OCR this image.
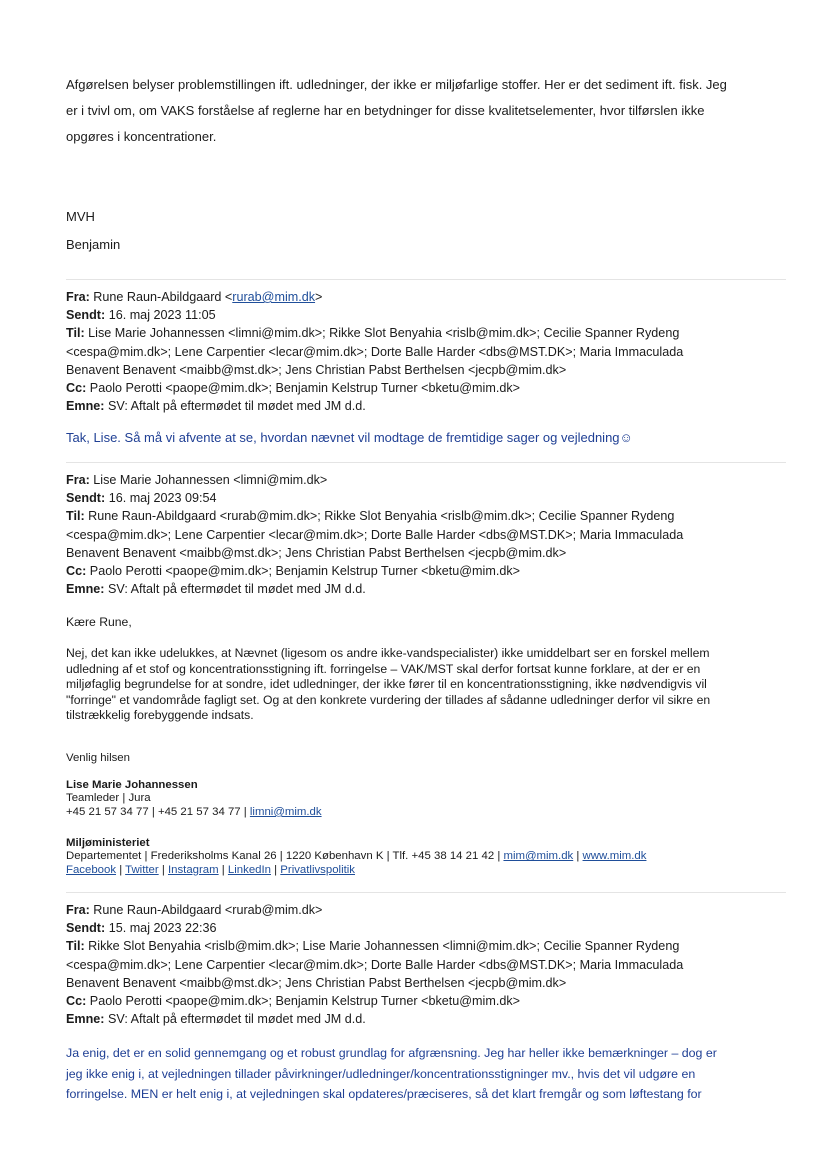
Afgørelsen belyser problemstillingen ift. udledninger, der ikke er miljøfarlige stoffer. Her er det sediment ift. fisk. Jeg

er i tvivl om, om VAKS forståelse af reglerne har en betydninger for disse kvalitetselementer, hvor tilførslen ikke

opgøres i koncentrationer.

MVH
Benjamin
Fra: Rune Raun-Abildgaard <rurab@mim.dk>
Sendt: 16. maj 2023 11:05
Til: Lise Marie Johannessen <limni@mim.dk>; Rikke Slot Benyahia <rislb@mim.dk>; Cecilie Spanner Rydeng
<cespa@mim.dk>; Lene Carpentier <lecar@mim.dk>; Dorte Balle Harder <dbs@MST.DK>; Maria Immaculada
Benavent Benavent <maibb@mst.dk>; Jens Christian Pabst Berthelsen <jecpb@mim.dk>
Cc: Paolo Perotti <paope@mim.dk>; Benjamin Kelstrup Turner <bketu@mim.dk>
Emne: SV: Aftalt på eftermødet til mødet med JM d.d.
Tak, Lise. Så må vi afvente at se, hvordan nævnet vil modtage de fremtidige sager og vejledning☺
Fra: Lise Marie Johannessen <limni@mim.dk>
Sendt: 16. maj 2023 09:54
Til: Rune Raun-Abildgaard <rurab@mim.dk>; Rikke Slot Benyahia <rislb@mim.dk>; Cecilie Spanner Rydeng
<cespa@mim.dk>; Lene Carpentier <lecar@mim.dk>; Dorte Balle Harder <dbs@MST.DK>; Maria Immaculada
Benavent Benavent <maibb@mst.dk>; Jens Christian Pabst Berthelsen <jecpb@mim.dk>
Cc: Paolo Perotti <paope@mim.dk>; Benjamin Kelstrup Turner <bketu@mim.dk>
Emne: SV: Aftalt på eftermødet til mødet med JM d.d.
Kære Rune,
Nej, det kan ikke udelukkes, at Nævnet (ligesom os andre ikke-vandspecialister) ikke umiddelbart ser en forskel mellem
udledning af et stof og koncentrationsstigning ift. forringelse – VAK/MST skal derfor fortsat kunne forklare, at der er en
miljøfaglig begrundelse for at sondre, idet udledninger, der ikke fører til en koncentrationsstigning, ikke nødvendigvis vil
"forringe" et vandområde fagligt set. Og at den konkrete vurdering der tillades af sådanne udledninger derfor vil sikre en
tilstrækkelig forebyggende indsats.
Venlig hilsen
Lise Marie Johannessen
Teamleder | Jura
+45 21 57 34 77 | +45 21 57 34 77 | limni@mim.dk
Miljøministeriet
Departementet | Frederiksholms Kanal 26 | 1220 København K | Tlf. +45 38 14 21 42 | mim@mim.dk | www.mim.dk
Facebook | Twitter | Instagram | LinkedIn | Privatlivspolitik
Fra: Rune Raun-Abildgaard <rurab@mim.dk>
Sendt: 15. maj 2023 22:36
Til: Rikke Slot Benyahia <rislb@mim.dk>; Lise Marie Johannessen <limni@mim.dk>; Cecilie Spanner Rydeng
<cespa@mim.dk>; Lene Carpentier <lecar@mim.dk>; Dorte Balle Harder <dbs@MST.DK>; Maria Immaculada
Benavent Benavent <maibb@mst.dk>; Jens Christian Pabst Berthelsen <jecpb@mim.dk>
Cc: Paolo Perotti <paope@mim.dk>; Benjamin Kelstrup Turner <bketu@mim.dk>
Emne: SV: Aftalt på eftermødet til mødet med JM d.d.
Ja enig, det er en solid gennemgang og et robust grundlag for afgrænsning. Jeg har heller ikke bemærkninger – dog er
jeg ikke enig i, at vejledningen tillader påvirkninger/udledninger/koncentrationsstigninger mv., hvis det vil udgøre en
forringelse. MEN er helt enig i, at vejledningen skal opdateres/præciseres, så det klart fremgår og som løftestang for
